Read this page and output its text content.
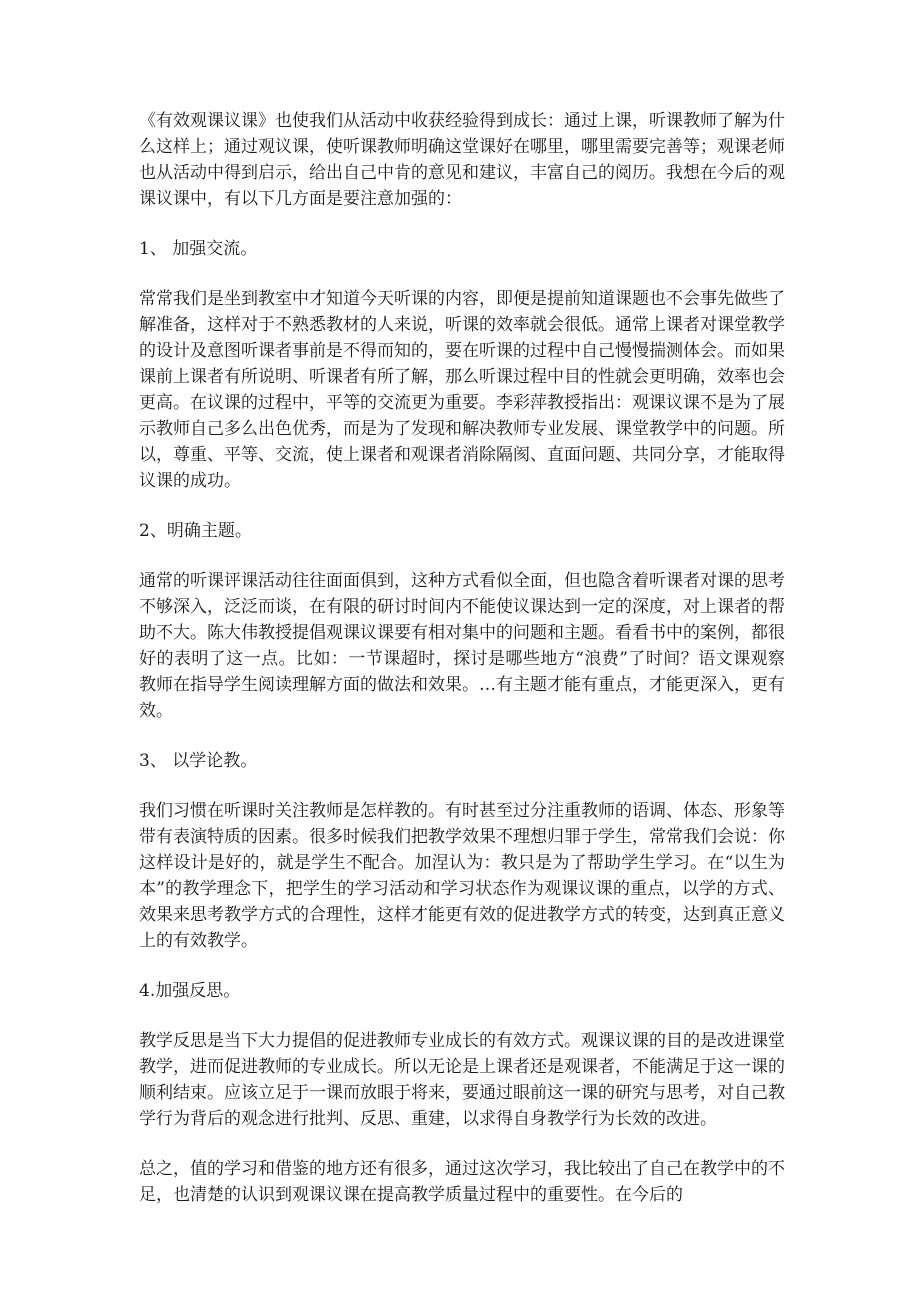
《有效观课议课》也使我们从活动中收获经验得到成长：通过上课，听课教师了解为什么这样上；通过观议课，使听课教师明确这堂课好在哪里，哪里需要完善等；观课老师也从活动中得到启示，给出自己中肯的意见和建议，丰富自己的阅历。我想在今后的观课议课中，有以下几方面是要注意加强的：

1、 加强交流。

常常我们是坐到教室中才知道今天听课的内容，即便是提前知道课题也不会事先做些了解准备，这样对于不熟悉教材的人来说，听课的效率就会很低。通常上课者对课堂教学的设计及意图听课者事前是不得而知的，要在听课的过程中自己慢慢揣测体会。而如果课前上课者有所说明、听课者有所了解，那么听课过程中目的性就会更明确，效率也会更高。在议课的过程中，平等的交流更为重要。李彩萍教授指出：观课议课不是为了展示教师自己多么出色优秀，而是为了发现和解决教师专业发展、课堂教学中的问题。所以，尊重、平等、交流，使上课者和观课者消除隔阂、直面问题、共同分享，才能取得议课的成功。

2、明确主题。

通常的听课评课活动往往面面俱到，这种方式看似全面，但也隐含着听课者对课的思考不够深入，泛泛而谈，在有限的研讨时间内不能使议课达到一定的深度，对上课者的帮助不大。陈大伟教授提倡观课议课要有相对集中的问题和主题。看看书中的案例，都很好的表明了这一点。比如：一节课超时，探讨是哪些地方“浪费”了时间？语文课观察教师在指导学生阅读理解方面的做法和效果。…有主题才能有重点，才能更深入，更有效。

3、 以学论教。

我们习惯在听课时关注教师是怎样教的。有时甚至过分注重教师的语调、体态、形象等带有表演特质的因素。很多时候我们把教学效果不理想归罪于学生，常常我们会说：你这样设计是好的，就是学生不配合。加涅认为：教只是为了帮助学生学习。在“以生为本”的教学理念下，把学生的学习活动和学习状态作为观课议课的重点，以学的方式、效果来思考教学方式的合理性，这样才能更有效的促进教学方式的转变，达到真正意义上的有效教学。

4.加强反思。

教学反思是当下大力提倡的促进教师专业成长的有效方式。观课议课的目的是改进课堂教学，进而促进教师的专业成长。所以无论是上课者还是观课者，不能满足于这一课的顺利结束。应该立足于一课而放眼于将来，要通过眼前这一课的研究与思考，对自己教学行为背后的观念进行批判、反思、重建，以求得自身教学行为长效的改进。

总之，值的学习和借鉴的地方还有很多，通过这次学习，我比较出了自己在教学中的不足，也清楚的认识到观课议课在提高教学质量过程中的重要性。在今后的
